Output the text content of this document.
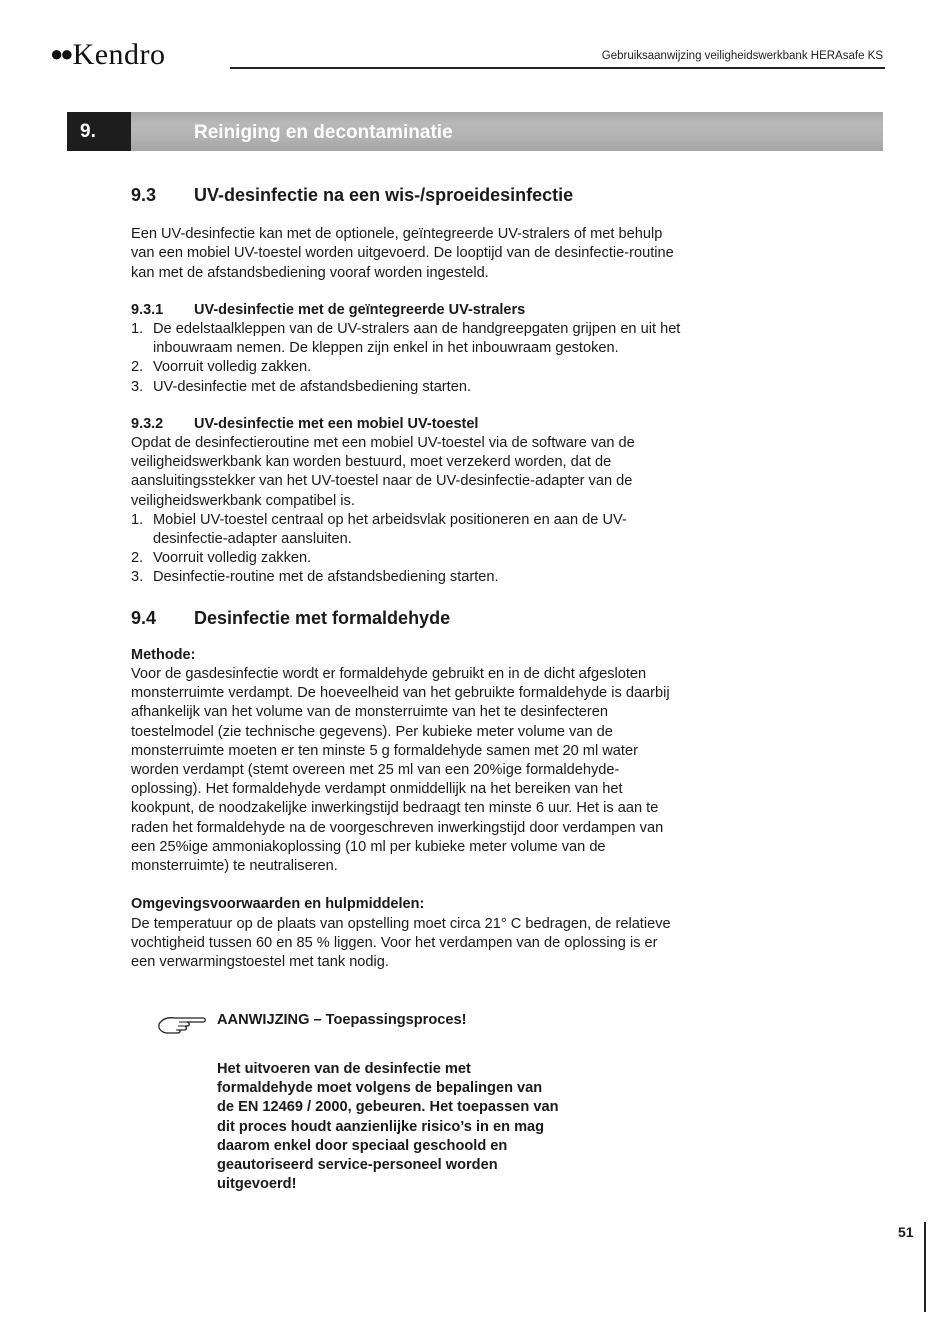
●●Kendro	Gebruiksaanwijzing veiligheidswerkbank HERAsafe KS
9.	Reiniging en decontaminatie
9.3	UV-desinfectie na een wis-/sproeidesinfectie

Een UV-desinfectie kan met de optionele, geïntegreerde UV-stralers of met behulp van een mobiel UV-toestel worden uitgevoerd. De looptijd van de desinfectie-routine kan met de afstandsbediening vooraf worden ingesteld.

9.3.1	UV-desinfectie met de geïntegreerde UV-stralers
1. De edelstaalkleppen van de UV-stralers aan de handgreepgaten grijpen en uit het inbouwraam nemen. De kleppen zijn enkel in het inbouwraam gestoken.
2. Voorruit volledig zakken.
3. UV-desinfectie met de afstandsbediening starten.
9.3.2	UV-desinfectie met een mobiel UV-toestel

Opdat de desinfectieroutine met een mobiel UV-toestel via de software van de veiligheidswerkbank kan worden bestuurd, moet verzekerd worden, dat de aansluitingsstekker van het UV-toestel naar de UV-desinfectie-adapter van de veiligheidswerkbank compatibel is.

1. Mobiel UV-toestel centraal op het arbeidsvlak positioneren en aan de UV-desinfectie-adapter aansluiten.
2. Voorruit volledig zakken.
3. Desinfectie-routine met de afstandsbediening starten.
9.4	Desinfectie met formaldehyde
Methode:

Voor de gasdesinfectie wordt er formaldehyde gebruikt en in de dicht afgesloten monsterruimte verdampt. De hoeveelheid van het gebruikte formaldehyde is daarbij afhankelijk van het volume van de monsterruimte van het te desinfecteren toestelmodel (zie technische gegevens). Per kubieke meter volume van de monsterruimte moeten er ten minste 5 g formaldehyde samen met 20 ml water worden verdampt (stemt overeen met 25 ml van een 20%ige formaldehyde-oplossing). Het formaldehyde verdampt onmiddellijk na het bereiken van het kookpunt, de noodzakelijke inwerkingstijd bedraagt ten minste 6 uur. Het is aan te raden het formaldehyde na de voorgeschreven inwerkingstijd door verdampen van een 25%ige ammoniakoplossing (10 ml per kubieke meter volume van de monsterruimte) te neutraliseren.

Omgevingsvoorwaarden en hulpmiddelen:

De temperatuur op de plaats van opstelling moet circa 21° C bedragen, de relatieve vochtigheid tussen 60 en 85 % liggen. Voor het verdampen van de oplossing is er een verwarmingstoestel met tank nodig.

AANWIJZING – Toepassingsproces!
Het uitvoeren van de desinfectie met formaldehyde moet volgens de bepalingen van de EN 12469 / 2000, gebeuren. Het toepassen van dit proces houdt aanzienlijke risico’s in en mag daarom enkel door speciaal geschoold en geautoriseerd service-personeel worden uitgevoerd!
51
